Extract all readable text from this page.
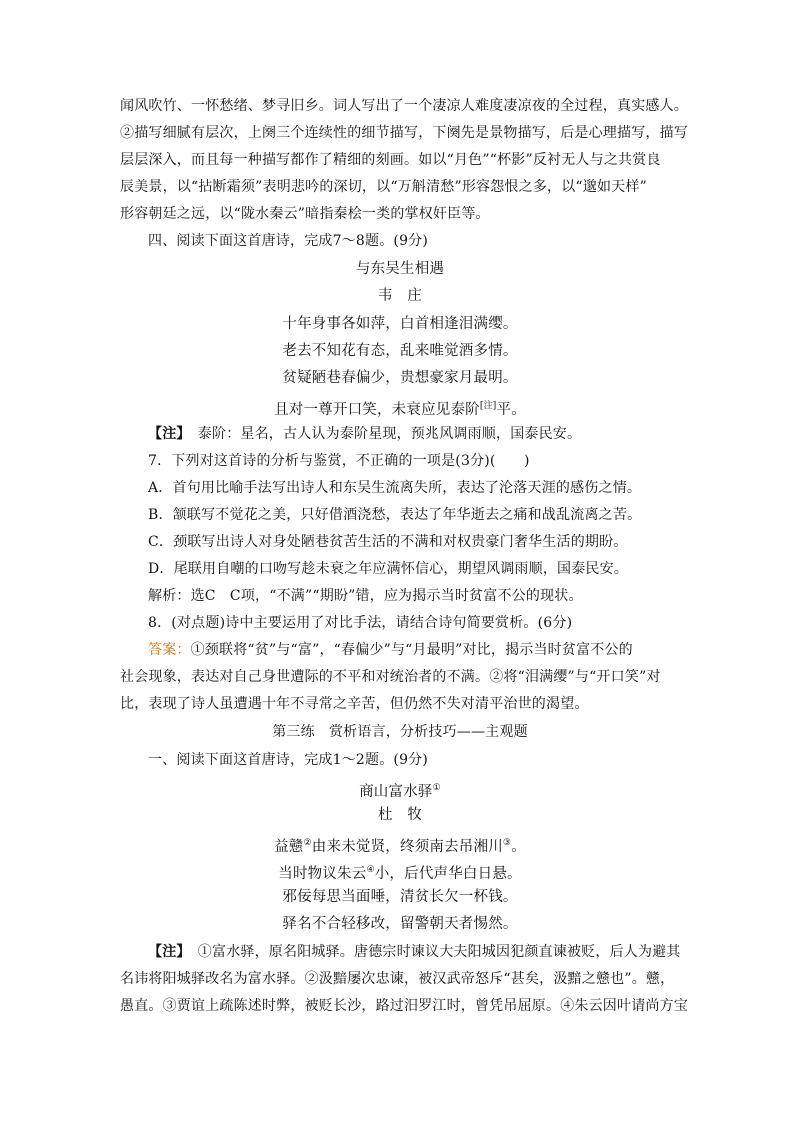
闻风吹竹、一怀愁绪、梦寻旧乡。词人写出了一个凄凉人难度凄凉夜的全过程，真实感人。
②描写细腻有层次，上阕三个连续性的细节描写，下阕先是景物描写，后是心理描写，描写
层层深入，而且每一种描写都作了精细的刻画。如以“月色”“杯影”反衬无人与之共赏良
辰美景，以“拈断霜须”表明悲吟的深切，以“万斛清愁”形容怨恨之多，以“邈如天样”
形容朝廷之远，以“陇水秦云”暗指秦桧一类的掌权奸臣等。
四、阅读下面这首唐诗，完成7～8题。(9分)
与东吴生相遇
韦　庄
十年身事各如萍，白首相逢泪满缨。
老去不知花有态，乱来唯觉酒多情。
贫疑陋巷春偏少，贵想豪家月最明。
且对一尊开口笑，未衰应见泰阶[注]平。
【注】　泰阶：星名，古人认为泰阶星现，预兆风调雨顺，国泰民安。
7．下列对这首诗的分析与鉴赏，不正确的一项是(3分)(　　)
A．首句用比喻手法写出诗人和东吴生流离失所，表达了沦落天涯的感伤之情。
B．颔联写不觉花之美，只好借酒浇愁，表达了年华逝去之痛和战乱流离之苦。
C．颈联写出诗人对身处陋巷贫苦生活的不满和对权贵豪门奢华生活的期盼。
D．尾联用自嘲的口吻写趁未衰之年应满怀信心，期望风调雨顺，国泰民安。
解析：选C　C项，“不满”“期盼”错，应为揭示当时贫富不公的现状。
8．(对点题)诗中主要运用了对比手法，请结合诗句简要赏析。(6分)
答案：①颈联将“贫”与“富”，“春偏少”与“月最明”对比，揭示当时贫富不公的
社会现象，表达对自己身世遭际的不平和对统治者的不满。②将“泪满缨”与“开口笑”对
比，表现了诗人虽遭遇十年不寻常之辛苦，但仍然不失对清平治世的渴望。
第三练　赏析语言，分析技巧——主观题
一、阅读下面这首唐诗，完成1～2题。(9分)
商山富水驿①
杜　牧
益戆②由来未觉贤，终须南去吊湘川③。
当时物议朱云④小，后代声华白日悬。
邪佞每思当面唾，清贫长欠一杯钱。
驿名不合轻移改，留警朝天者惕然。
【注】　①富水驿，原名阳城驿。唐德宗时谏议大夫阳城因犯颜直谏被贬，后人为避其
名讳将阳城驿改名为富水驿。②汲黯屡次忠谏，被汉武帝怒斥“甚矣，汲黯之戆也”。戆，
愚直。③贾谊上疏陈述时弊，被贬长沙，路过汨罗江时，曾凭吊屈原。④朱云因叶请尚方宝
